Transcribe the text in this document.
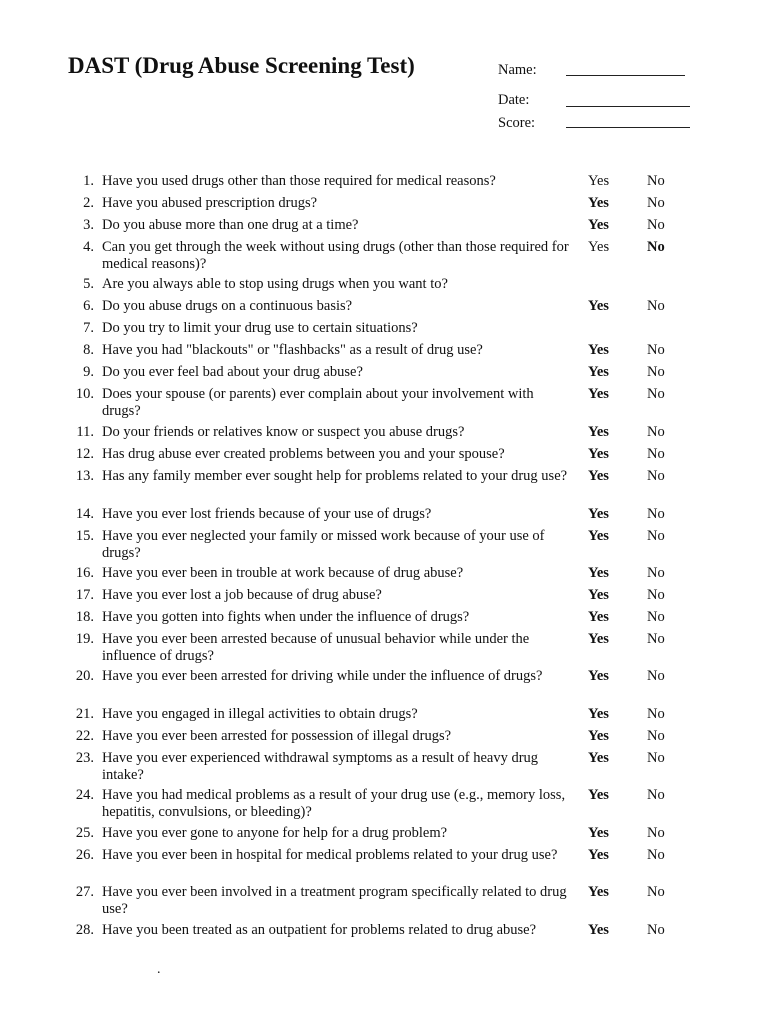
DAST (Drug Abuse Screening Test)	Name:
Date:
Score:
1. Have you used drugs other than those required for medical reasons?	Yes	No
2. Have you abused prescription drugs?	Yes	No
3. Do you abuse more than one drug at a time?	Yes	No
4. Can you get through the week without using drugs (other than those required for medical reasons)?
Yes	No
5. Are you always able to stop using drugs when you want to?
6. Do you abuse drugs on a continuous basis?	Yes	No
7. Do you try to limit your drug use to certain situations?
8. Have you had "blackouts" or "flashbacks" as a result of drug use?	Yes	No
9. Do you ever feel bad about your drug abuse?	Yes	No
10. Does your spouse (or parents) ever complain about your involvement with drugs?
Yes	No
11. Do your friends or relatives know or suspect you abuse drugs?	Yes	No
12. Has drug abuse ever created problems between you and your spouse?	Yes	No
13. Has any family member ever sought help for problems related to your drug use?	Yes	No
14. Have you ever lost friends because of your use of drugs?	Yes	No
15. Have you ever neglected your family or missed work because of your use of drugs?
Yes	No
16. Have you ever been in trouble at work because of drug abuse?	Yes	No
17. Have you ever lost a job because of drug abuse?	Yes	No
18. Have you gotten into fights when under the influence of drugs?	Yes	No
19. Have you ever been arrested because of unusual behavior while under the influence of drugs?
Yes	No
20. Have you ever been arrested for driving while under the influence of drugs?	Yes	No
21. Have you engaged in illegal activities to obtain drugs?	Yes	No
22. Have you ever been arrested for possession of illegal drugs?	Yes	No
23. Have you ever experienced withdrawal symptoms as a result of heavy drug intake?
Yes	No
24. Have you had medical problems as a result of your drug use (e.g., memory loss, hepatitis, convulsions, or bleeding)?
Yes	No
25. Have you ever gone to anyone for help for a drug problem?	Yes	No
26. Have you ever been in hospital for medical problems related to your drug use?	Yes	No
27. Have you ever been involved in a treatment program specifically related to drug use?
Yes	No
28. Have you been treated as an outpatient for problems related to drug abuse?	Yes	No
.
